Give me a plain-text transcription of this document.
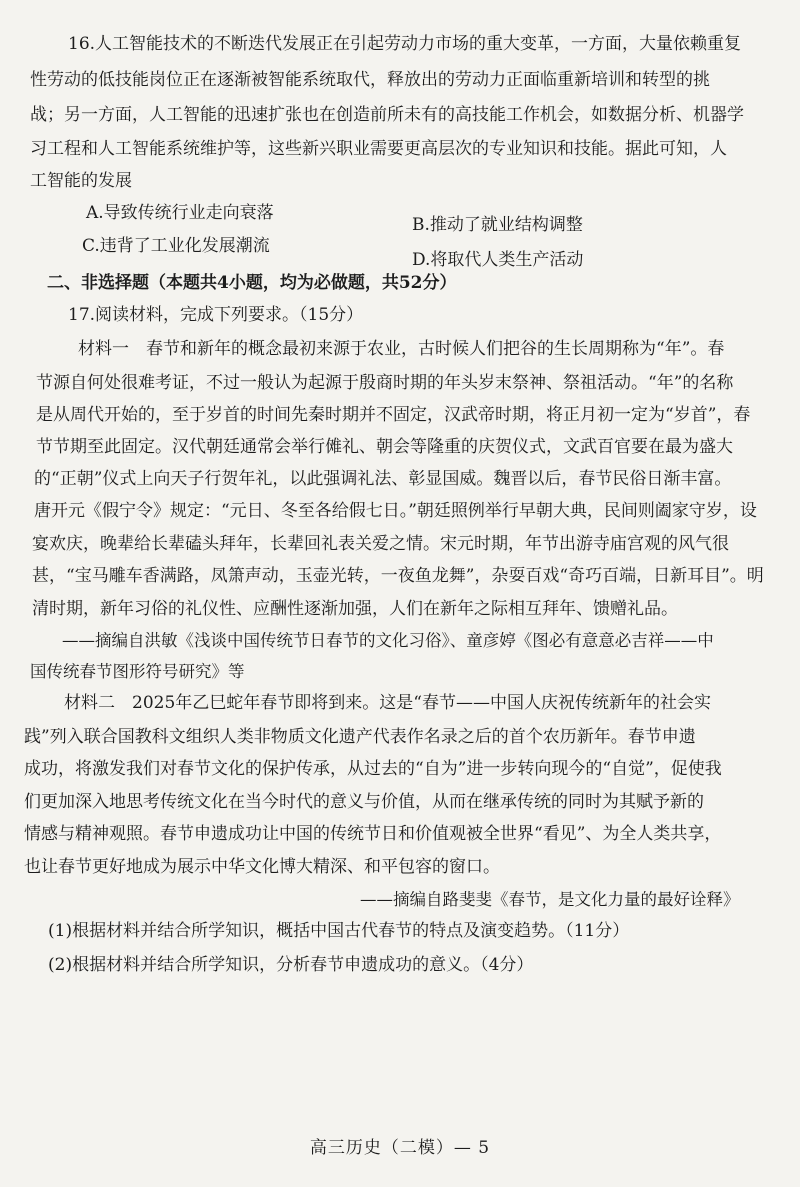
16.人工智能技术的不断迭代发展正在引起劳动力市场的重大变革，一方面，大量依赖重复
性劳动的低技能岗位正在逐渐被智能系统取代，释放出的劳动力正面临重新培训和转型的挑
战；另一方面，人工智能的迅速扩张也在创造前所未有的高技能工作机会，如数据分析、机器学
习工程和人工智能系统维护等，这些新兴职业需要更高层次的专业知识和技能。据此可知，人
工智能的发展
A.导致传统行业走向衰落
B.推动了就业结构调整
C.违背了工业化发展潮流
D.将取代人类生产活动
二、非选择题（本题共4小题，均为必做题，共52分）
17.阅读材料，完成下列要求。（15分）
材料一　春节和新年的概念最初来源于农业，古时候人们把谷的生长周期称为“年”。春
节源自何处很难考证，不过一般认为起源于殷商时期的年头岁末祭神、祭祖活动。“年”的名称
是从周代开始的，至于岁首的时间先秦时期并不固定，汉武帝时期，将正月初一定为“岁首”，春
节节期至此固定。汉代朝廷通常会举行傩礼、朝会等隆重的庆贺仪式，文武百官要在最为盛大
的“正朝”仪式上向天子行贺年礼，以此强调礼法、彰显国威。魏晋以后，春节民俗日渐丰富。
唐开元《假宁令》规定：“元日、冬至各给假七日。”朝廷照例举行早朝大典，民间则阖家守岁，设
宴欢庆，晚辈给长辈磕头拜年，长辈回礼表关爱之情。宋元时期，年节出游寺庙宫观的风气很
甚，“宝马雕车香满路，凤箫声动，玉壶光转，一夜鱼龙舞”，杂耍百戏“奇巧百端，日新耳目”。明
清时期，新年习俗的礼仪性、应酬性逐渐加强，人们在新年之际相互拜年、馈赠礼品。
——摘编自洪敏《浅谈中国传统节日春节的文化习俗》、童彦婷《图必有意意必吉祥——中
国传统春节图形符号研究》等
材料二　2025年乙巳蛇年春节即将到来。这是“春节——中国人庆祝传统新年的社会实
践”列入联合国教科文组织人类非物质文化遗产代表作名录之后的首个农历新年。春节申遗
成功，将激发我们对春节文化的保护传承，从过去的“自为”进一步转向现今的“自觉”，促使我
们更加深入地思考传统文化在当今时代的意义与价值，从而在继承传统的同时为其赋予新的
情感与精神观照。春节申遗成功让中国的传统节日和价值观被全世界“看见”、为全人类共享，
也让春节更好地成为展示中华文化博大精深、和平包容的窗口。
——摘编自路斐斐《春节，是文化力量的最好诠释》
(1)根据材料并结合所学知识，概括中国古代春节的特点及演变趋势。（11分）
(2)根据材料并结合所学知识，分析春节申遗成功的意义。（4分）
高三历史（二模）— 5
